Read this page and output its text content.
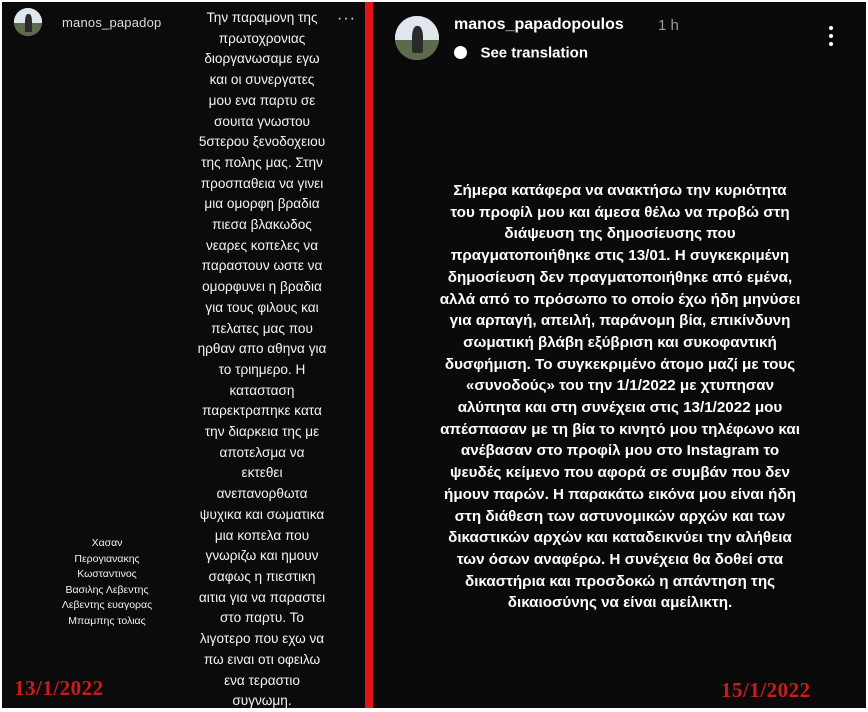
manos_papadop	···
Την παραμονη της
πρωτοχρονιας
διοργανωσαμε εγω
και οι συνεργατες
μου ενα παρτυ σε
σουιτα γνωστου
5στερου ξενοδοχειου
της πολης μας. Στην
προσπαθεια να γινει
μια ομορφη βραδια
πιεσα βλακωδος
νεαρες κοπελες να
παραστουν ωστε να
ομορφυνει η βραδια
για τους φιλους και
πελατες μας που
ηρθαν απο αθηνα για
το τριημερο. Η
κατασταση
παρεκτραπηκε κατα
την διαρκεια της με
αποτελσμα να
εκτεθει
ανεπανορθωτα
ψυχικα και σωματικα
μια κοπελα που
γνωριζω και ημουν
σαφως η πιεστικη
αιτια για να παραστει
στο παρτυ. Το
λιγοτερο που εχω να
πω ειναι οτι οφειλω
ενα τεραστιο
συγνωμη.
Χασαν
Περογιανακης
Κωσταντινος
Βασιλης Λεβεντης
Λεβεντης ευαγορας
Μπαμπης τολιας
13/1/2022
manos_papadopoulos 1 h
See translation
Σήμερα κατάφερα να ανακτήσω την κυριότητα
του προφίλ μου και άμεσα θέλω να προβώ στη
διάψευση της δημοσίευσης που
πραγματοποιήθηκε στις 13/01. Η συγκεκριμένη
δημοσίευση δεν πραγματοποιήθηκε από εμένα,
αλλά από το πρόσωπο το οποίο έχω ήδη μηνύσει
για αρπαγή, απειλή, παράνομη βία, επικίνδυνη
σωματική βλάβη εξύβριση και συκοφαντική
δυσφήμιση. Το συγκεκριμένο άτομο μαζί με τους
«συνοδούς» του την 1/1/2022 με χτυπησαν
αλύπητα και στη συνέχεια στις 13/1/2022 μου
απέσπασαν με τη βία το κινητό μου τηλέφωνο και
ανέβασαν στο προφίλ μου στο Instagram το
ψευδές κείμενο που αφορά σε συμβάν που δεν
ήμουν παρών. Η παρακάτω εικόνα μου είναι ήδη
στη διάθεση των αστυνομικών αρχών και των
δικαστικών αρχών και καταδεικνύει την αλήθεια
των όσων αναφέρω. Η συνέχεια θα δοθεί στα
δικαστήρια και προσδοκώ η απάντηση της
δικαιοσύνης να είναι αμείλικτη.
15/1/2022
